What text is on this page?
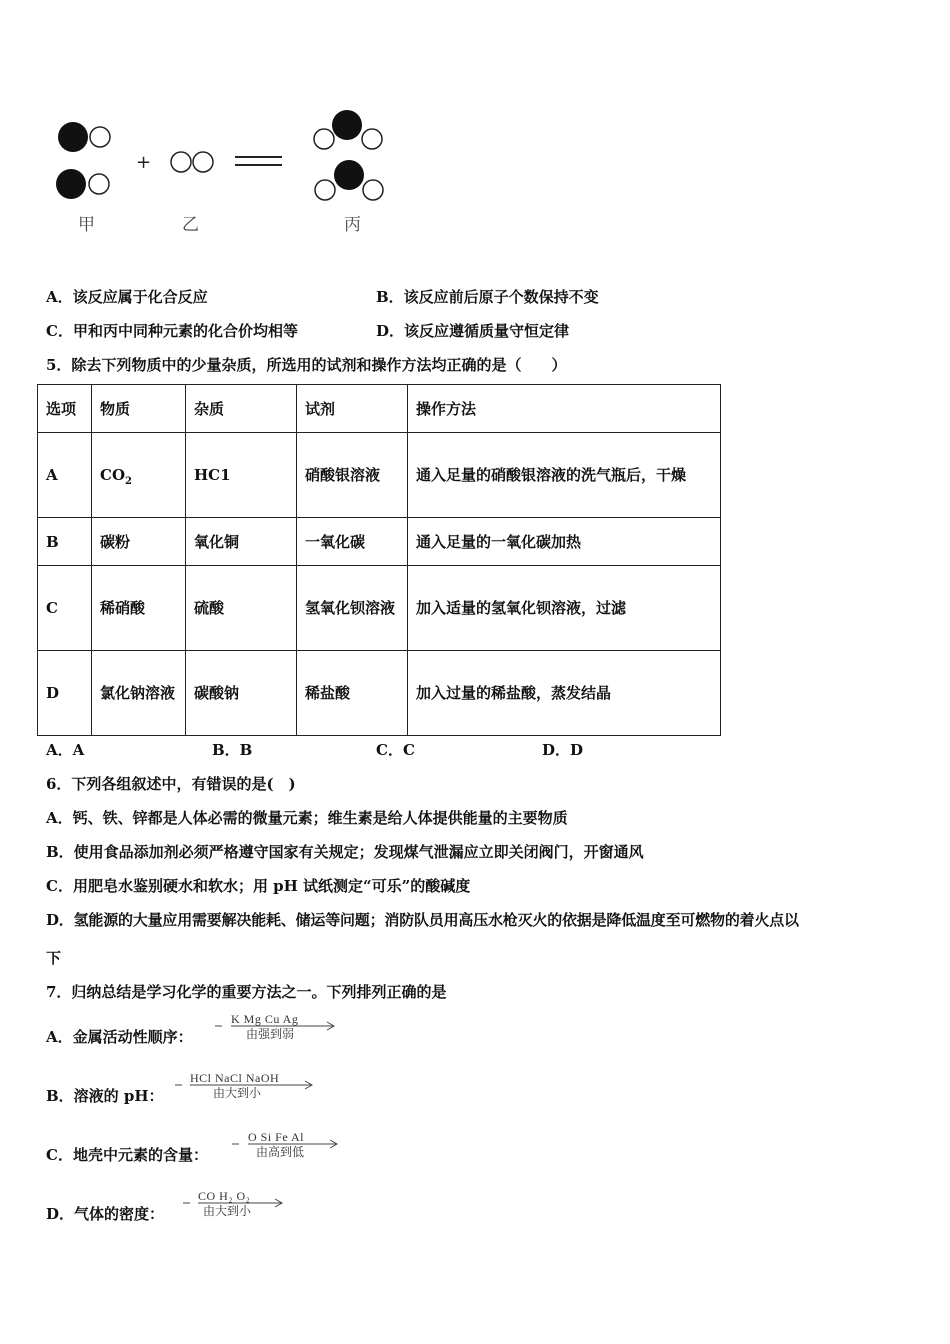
+
甲	乙	丙
A．该反应属于化合反应	B．该反应前后原子个数保持不变
C．甲和丙中同种元素的化合价均相等	D．该反应遵循质量守恒定律
5．除去下列物质中的少量杂质，所选用的试剂和操作方法均正确的是（　　）
选项	物质	杂质	试剂	操作方法
A	$CO_2$	HC1	硝酸银溶液	通入足量的硝酸银溶液的洗气瓶后，干燥
B	碳粉	氧化铜	一氧化碳	通入足量的一氧化碳加热
C	稀硝酸	硫酸	氢氧化钡溶液	加入适量的氢氧化钡溶液，过滤
D	氯化钠溶液	碳酸钠	稀盐酸	加入过量的稀盐酸，蒸发结晶
A．A	B．B	C．C	D．D
6．下列各组叙述中，有错误的是(　)
A．钙、铁、锌都是人体必需的微量元素；维生素是给人体提供能量的主要物质
B．使用食品添加剂必须严格遵守国家有关规定；发现煤气泄漏应立即关闭阀门，开窗通风
C．用肥皂水鉴别硬水和软水；用 pH 试纸测定“可乐”的酸碱度
D．氢能源的大量应用需要解决能耗、储运等问题；消防队员用高压水枪灭火的依据是降低温度至可燃物的着火点以
下
7．归纳总结是学习化学的重要方法之一。下列排列正确的是
A．金属活动性顺序：
K Mg Cu Ag
由强到弱
B．溶液的 pH：
HCl NaCl NaOH
由大到小
C．地壳中元素的含量：
O Si Fe Al
由高到低
D．气体的密度：
CO H₂ O₂
由大到小
